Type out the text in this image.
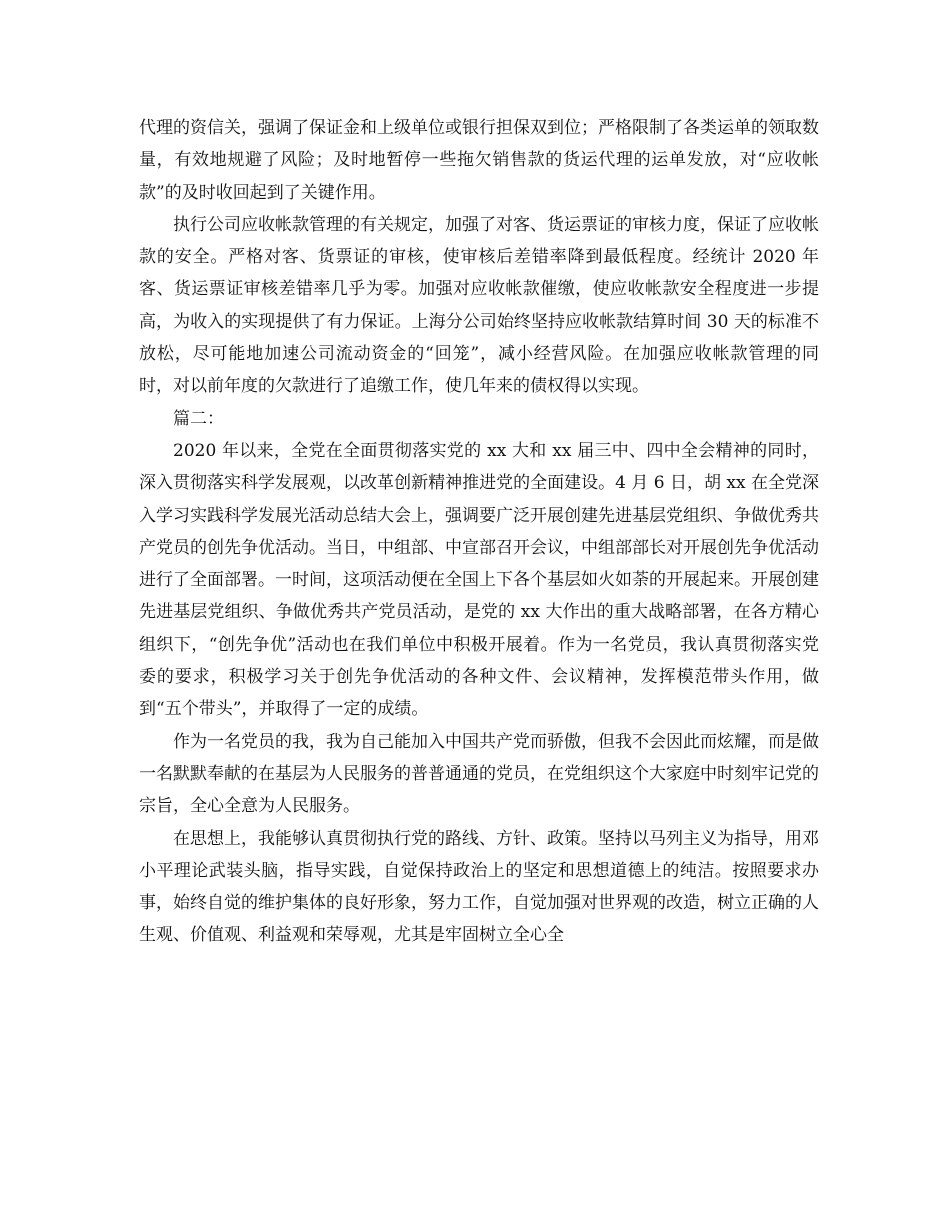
代理的资信关，强调了保证金和上级单位或银行担保双到位；严格限制了各类运单的领取数量，有效地规避了风险；及时地暂停一些拖欠销售款的货运代理的运单发放，对“应收帐款”的及时收回起到了关键作用。

执行公司应收帐款管理的有关规定，加强了对客、货运票证的审核力度，保证了应收帐款的安全。严格对客、货票证的审核，使审核后差错率降到最低程度。经统计 2020 年客、货运票证审核差错率几乎为零。加强对应收帐款催缴，使应收帐款安全程度进一步提高，为收入的实现提供了有力保证。上海分公司始终坚持应收帐款结算时间 30 天的标准不放松，尽可能地加速公司流动资金的“回笼”，减小经营风险。在加强应收帐款管理的同时，对以前年度的欠款进行了追缴工作，使几年来的债权得以实现。

篇二：

2020 年以来，全党在全面贯彻落实党的 xx 大和 xx 届三中、四中全会精神的同时，深入贯彻落实科学发展观，以改革创新精神推进党的全面建设。4 月 6 日，胡 xx 在全党深入学习实践科学发展光活动总结大会上，强调要广泛开展创建先进基层党组织、争做优秀共产党员的创先争优活动。当日，中组部、中宣部召开会议，中组部部长对开展创先争优活动进行了全面部署。一时间，这项活动便在全国上下各个基层如火如荼的开展起来。开展创建先进基层党组织、争做优秀共产党员活动，是党的 xx 大作出的重大战略部署，在各方精心组织下，“创先争优”活动也在我们单位中积极开展着。作为一名党员，我认真贯彻落实党委的要求，积极学习关于创先争优活动的各种文件、会议精神，发挥模范带头作用，做到“五个带头”，并取得了一定的成绩。

作为一名党员的我，我为自己能加入中国共产党而骄傲，但我不会因此而炫耀，而是做一名默默奉献的在基层为人民服务的普普通通的党员，在党组织这个大家庭中时刻牢记党的宗旨，全心全意为人民服务。

在思想上，我能够认真贯彻执行党的路线、方针、政策。坚持以马列主义为指导，用邓小平理论武装头脑，指导实践，自觉保持政治上的坚定和思想道德上的纯洁。按照要求办事，始终自觉的维护集体的良好形象，努力工作，自觉加强对世界观的改造，树立正确的人生观、价值观、利益观和荣辱观，尤其是牢固树立全心全
